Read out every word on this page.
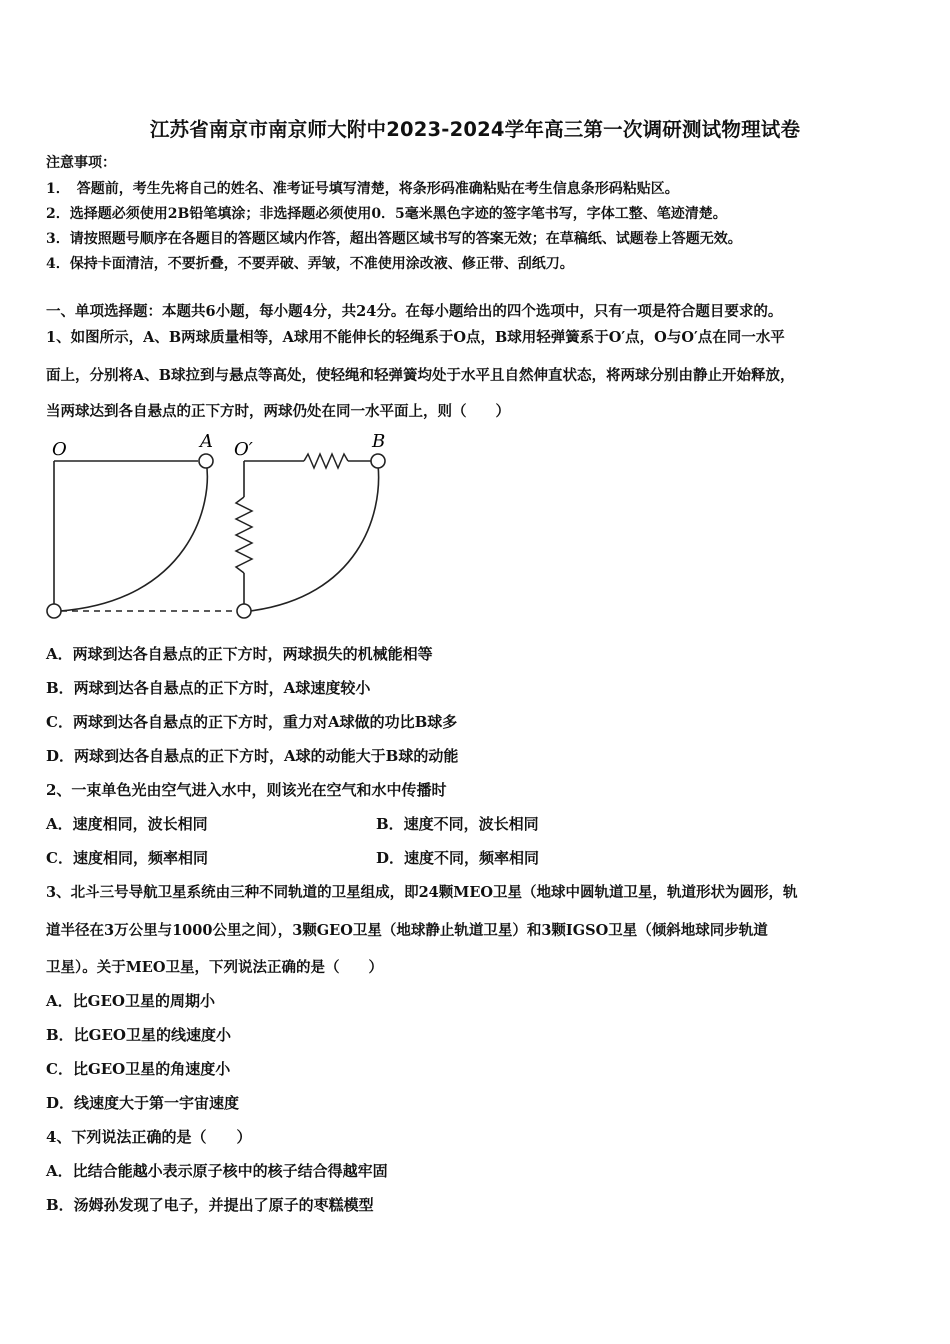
江苏省南京市南京师大附中2023-2024学年高三第一次调研测试物理试卷
注意事项：
1．　答题前，考生先将自己的姓名、准考证号填写清楚，将条形码准确粘贴在考生信息条形码粘贴区。
2．选择题必须使用2B铅笔填涂；非选择题必须使用0．5毫米黑色字迹的签字笔书写，字体工整、笔迹清楚。
3．请按照题号顺序在各题目的答题区域内作答，超出答题区域书写的答案无效；在草稿纸、试题卷上答题无效。
4．保持卡面清洁，不要折叠，不要弄破、弄皱，不准使用涂改液、修正带、刮纸刀。
一、单项选择题：本题共6小题，每小题4分，共24分。在每小题给出的四个选项中，只有一项是符合题目要求的。
1、如图所示，A、B两球质量相等，A球用不能伸长的轻绳系于O点，B球用轻弹簧系于O′点，O与O′点在同一水平
面上，分别将A、B球拉到与悬点等高处，使轻绳和轻弹簧均处于水平且自然伸直状态，将两球分别由静止开始释放，
当两球达到各自悬点的正下方时，两球仍处在同一水平面上，则（　　）
O	A O′	B
A．两球到达各自悬点的正下方时，两球损失的机械能相等
B．两球到达各自悬点的正下方时，A球速度较小
C．两球到达各自悬点的正下方时，重力对A球做的功比B球多
D．两球到达各自悬点的正下方时，A球的动能大于B球的动能
2、一束单色光由空气进入水中，则该光在空气和水中传播时
A．速度相同，波长相同	B．速度不同，波长相同
C．速度相同，频率相同	D．速度不同，频率相同
3、北斗三号导航卫星系统由三种不同轨道的卫星组成，即24颗MEO卫星（地球中圆轨道卫星，轨道形状为圆形，轨
道半径在3万公里与1000公里之间），3颗GEO卫星（地球静止轨道卫星）和3颗IGSO卫星（倾斜地球同步轨道
卫星）。关于MEO卫星，下列说法正确的是（　　）
A．比GEO卫星的周期小
B．比GEO卫星的线速度小
C．比GEO卫星的角速度小
D．线速度大于第一宇宙速度
4、下列说法正确的是（　　）
A．比结合能越小表示原子核中的核子结合得越牢固
B．汤姆孙发现了电子，并提出了原子的枣糕模型
